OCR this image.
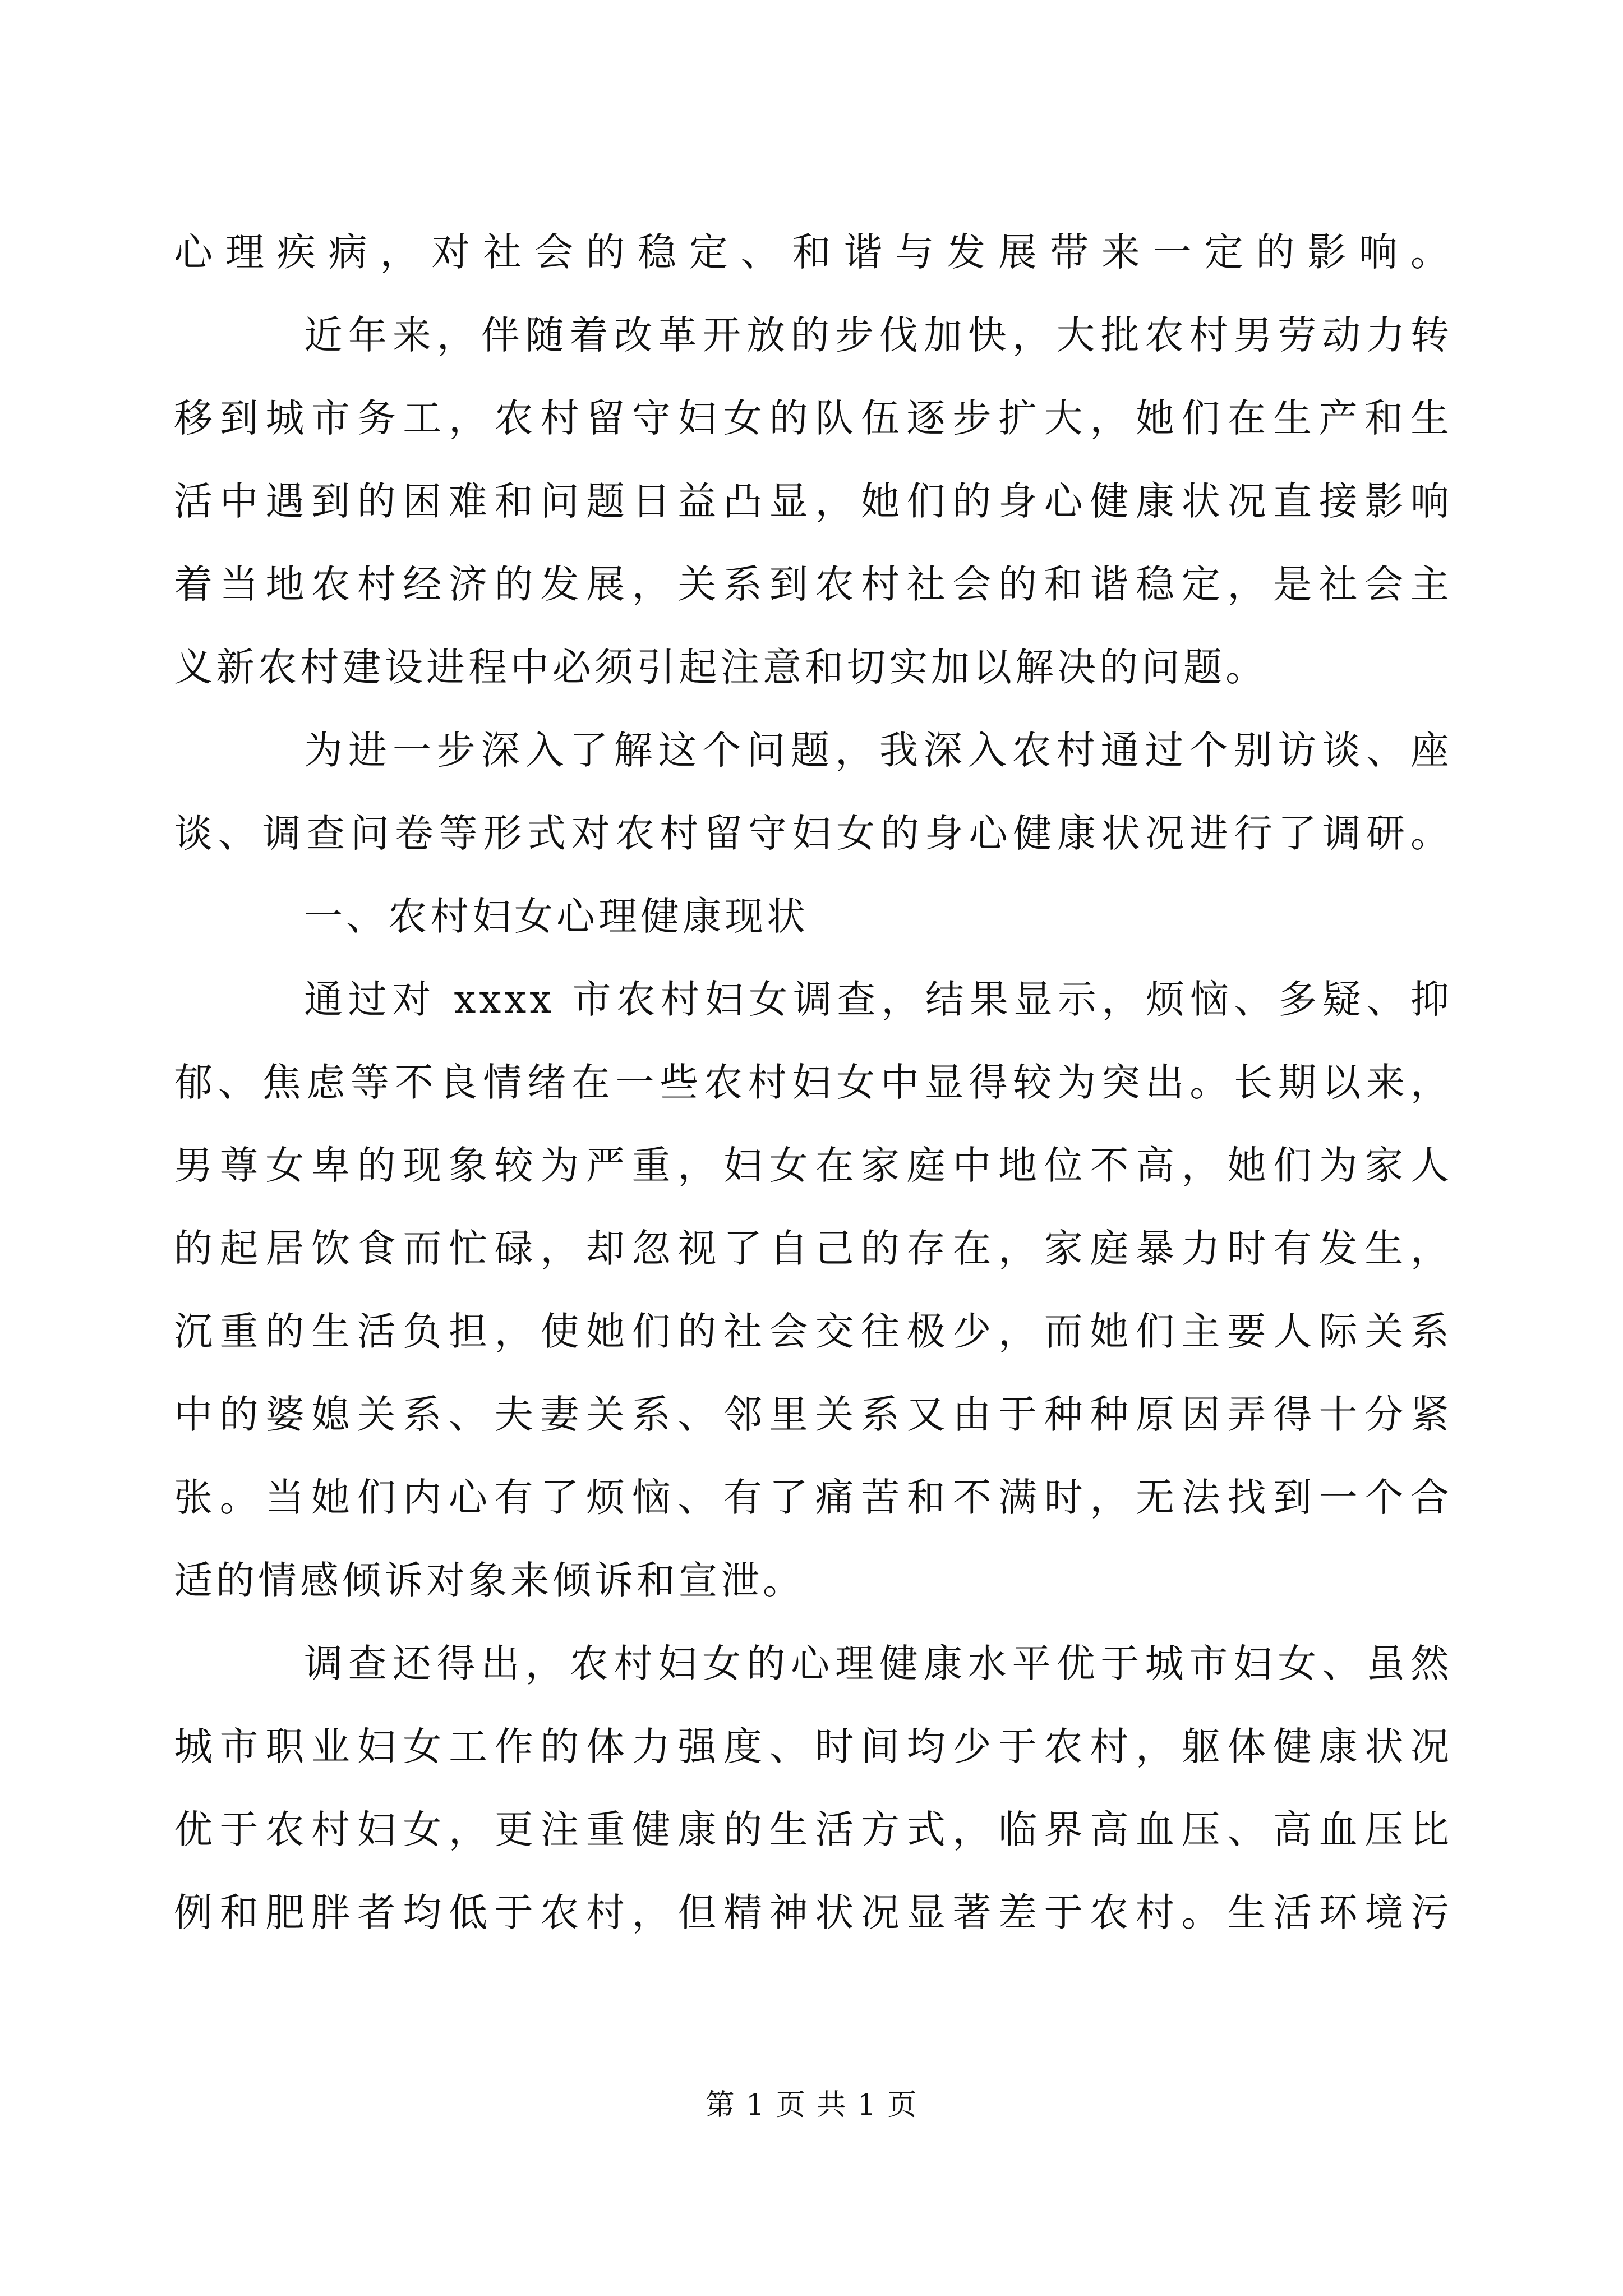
心理疾病，对社会的稳定、和谐与发展带来一定的影响。
近年来，伴随着改革开放的步伐加快，大批农村男劳动力转
移到城市务工，农村留守妇女的队伍逐步扩大，她们在生产和生
活中遇到的困难和问题日益凸显，她们的身心健康状况直接影响
着当地农村经济的发展，关系到农村社会的和谐稳定，是社会主
义新农村建设进程中必须引起注意和切实加以解决的问题。
为进一步深入了解这个问题，我深入农村通过个别访谈、座
谈、调查问卷等形式对农村留守妇女的身心健康状况进行了调研。
一、农村妇女心理健康现状
通过对 xxxx 市农村妇女调查，结果显示，烦恼、多疑、抑
郁、焦虑等不良情绪在一些农村妇女中显得较为突出。长期以来，
男尊女卑的现象较为严重，妇女在家庭中地位不高，她们为家人
的起居饮食而忙碌，却忽视了自己的存在，家庭暴力时有发生，
沉重的生活负担，使她们的社会交往极少，而她们主要人际关系
中的婆媳关系、夫妻关系、邻里关系又由于种种原因弄得十分紧
张。当她们内心有了烦恼、有了痛苦和不满时，无法找到一个合
适的情感倾诉对象来倾诉和宣泄。
调查还得出，农村妇女的心理健康水平优于城市妇女、虽然
城市职业妇女工作的体力强度、时间均少于农村，躯体健康状况
优于农村妇女，更注重健康的生活方式，临界高血压、高血压比
例和肥胖者均低于农村，但精神状况显著差于农村。生活环境污
第 1 页 共 1 页
